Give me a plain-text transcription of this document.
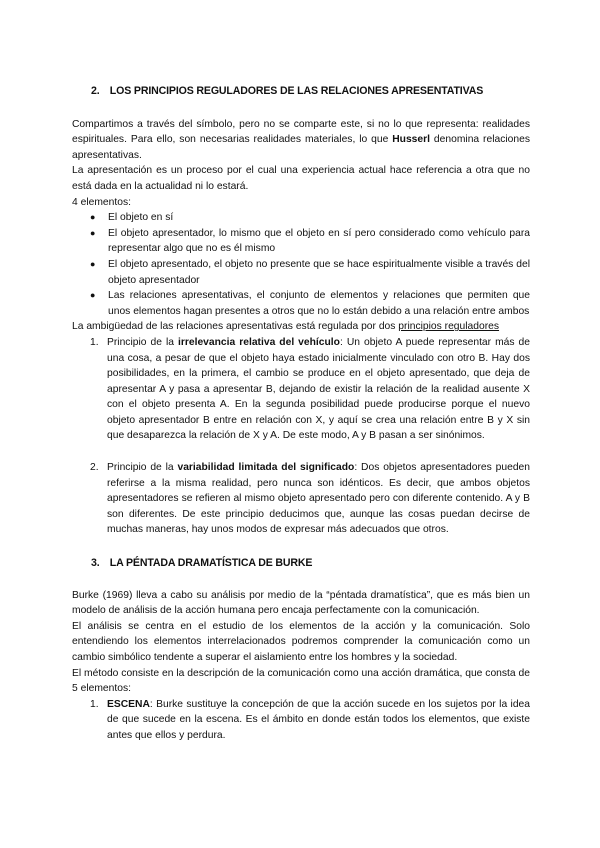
2. LOS PRINCIPIOS REGULADORES DE LAS RELACIONES APRESENTATIVAS

Compartimos a través del símbolo, pero no se comparte este, si no lo que representa: realidades espirituales. Para ello, son necesarias realidades materiales, lo que Husserl denomina relaciones apresentativas.

La apresentación es un proceso por el cual una experiencia actual hace referencia a otra que no está dada en la actualidad ni lo estará.

4 elementos:

● El objeto en sí
● El objeto apresentador, lo mismo que el objeto en sí pero considerado como vehículo para representar algo que no es él mismo
● El objeto apresentado, el objeto no presente que se hace espiritualmente visible a través del objeto apresentador
● Las relaciones apresentativas, el conjunto de elementos y relaciones que permiten que unos elementos hagan presentes a otros que no lo están debido a una relación entre ambos

La ambigüedad de las relaciones apresentativas está regulada por dos principios reguladores

1. Principio de la irrelevancia relativa del vehículo: Un objeto A puede representar más de una cosa, a pesar de que el objeto haya estado inicialmente vinculado con otro B. Hay dos posibilidades, en la primera, el cambio se produce en el objeto apresentado, que deja de apresentar A y pasa a apresentar B, dejando de existir la relación de la realidad ausente X con el objeto presenta A. En la segunda posibilidad puede producirse porque el nuevo objeto apresentador B entre en relación con X, y aquí se crea una relación entre B y X sin que desaparezca la relación de X y A. De este modo, A y B pasan a ser sinónimos.
2. Principio de la variabilidad limitada del significado: Dos objetos apresentadores pueden referirse a la misma realidad, pero nunca son idénticos. Es decir, que ambos objetos apresentadores se refieren al mismo objeto apresentado pero con diferente contenido. A y B son diferentes. De este principio deducimos que, aunque las cosas puedan decirse de muchas maneras, hay unos modos de expresar más adecuados que otros.
3. LA PÉNTADA DRAMATÍSTICA DE BURKE

Burke (1969) lleva a cabo su análisis por medio de la “péntada dramatística”, que es más bien un modelo de análisis de la acción humana pero encaja perfectamente con la comunicación.

El análisis se centra en el estudio de los elementos de la acción y la comunicación. Solo entendiendo los elementos interrelacionados podremos comprender la comunicación como un cambio simbólico tendente a superar el aislamiento entre los hombres y la sociedad.

El método consiste en la descripción de la comunicación como una acción dramática, que consta de 5 elementos:

1. ESCENA: Burke sustituye la concepción de que la acción sucede en los sujetos por la idea de que sucede en la escena. Es el ámbito en donde están todos los elementos, que existe antes que ellos y perdura.
